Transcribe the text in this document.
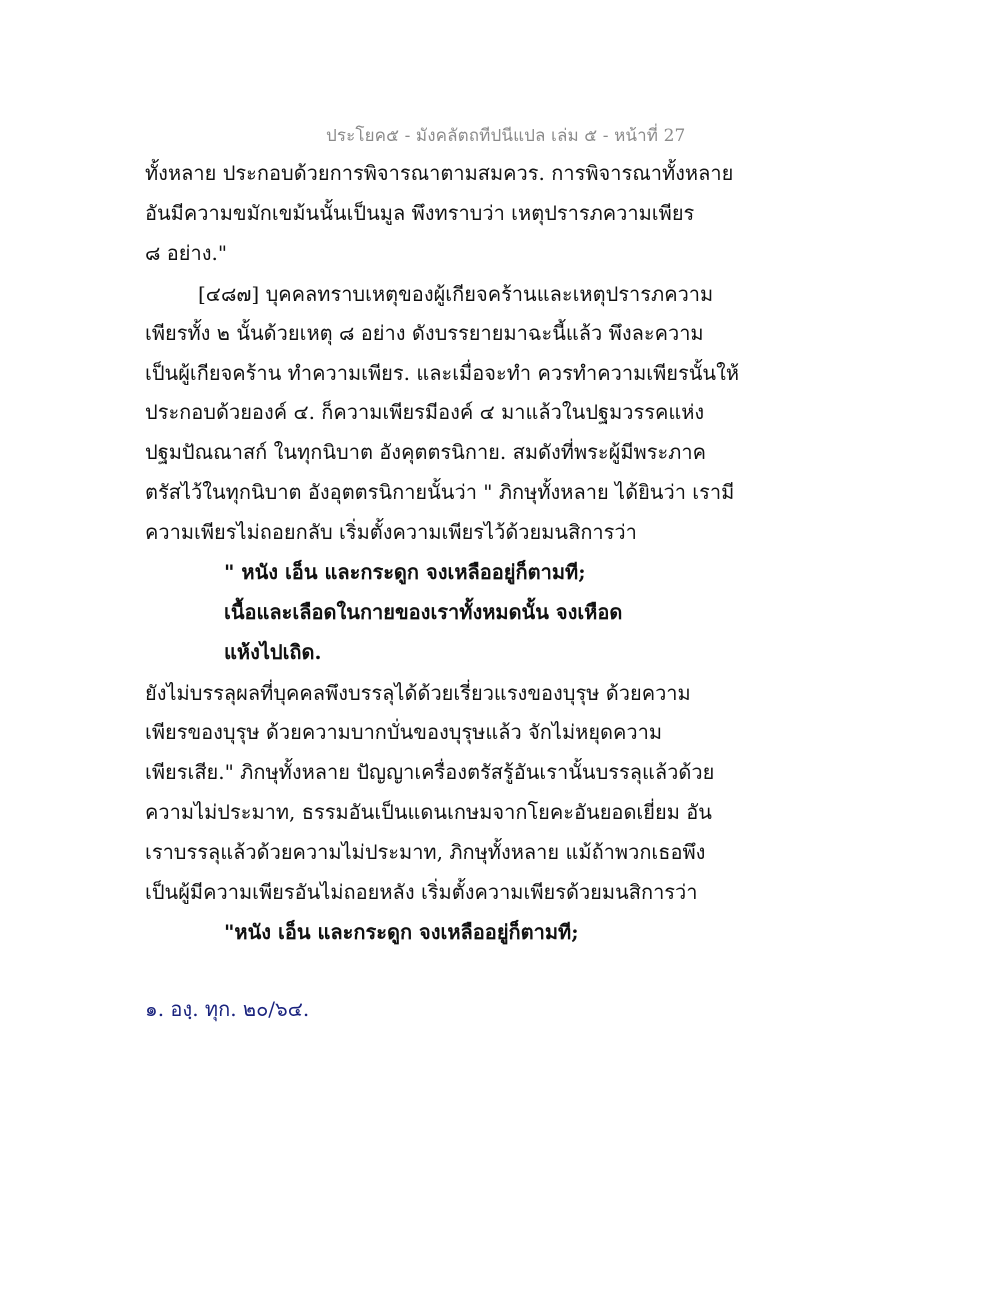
ประโยค๕ - มังคลัตถทีปนีแปล เล่ม ๕ - หน้าที่ 27
ทั้งหลาย ประกอบด้วยการพิจารณาตามสมควร. การพิจารณาทั้งหลาย
อันมีความขมักเขม้นนั้นเป็นมูล พึงทราบว่า เหตุปรารภความเพียร
๘ อย่าง."
[๔๘๗] บุคคลทราบเหตุของผู้เกียจคร้านและเหตุปรารภความ
เพียรทั้ง ๒ นั้นด้วยเหตุ ๘ อย่าง ดังบรรยายมาฉะนี้แล้ว พึงละความ
เป็นผู้เกียจคร้าน ทำความเพียร. และเมื่อจะทำ ควรทำความเพียรนั้นให้
ประกอบด้วยองค์ ๔. ก็ความเพียรมีองค์ ๔ มาแล้วในปฐมวรรคแห่ง
ปฐมปัณณาสก์ ในทุกนิบาต อังคุตตรนิกาย. สมดังที่พระผู้มีพระภาค
ตรัสไว้ในทุกนิบาต อังอุตตรนิกายนั้นว่า " ภิกษุทั้งหลาย ได้ยินว่า เรามี
ความเพียรไม่ถอยกลับ เริ่มตั้งความเพียรไว้ด้วยมนสิการว่า
" หนัง เอ็น และกระดูก จงเหลืออยู่ก็ตามที;
เนื้อและเลือดในกายของเราทั้งหมดนั้น จงเหือด
แห้งไปเถิด.
ยังไม่บรรลุผลที่บุคคลพึงบรรลุได้ด้วยเรี่ยวแรงของบุรุษ ด้วยความ
เพียรของบุรุษ ด้วยความบากบั่นของบุรุษแล้ว จักไม่หยุดความ
เพียรเสีย." ภิกษุทั้งหลาย ปัญญาเครื่องตรัสรู้อันเรานั้นบรรลุแล้วด้วย
ความไม่ประมาท, ธรรมอันเป็นแดนเกษมจากโยคะอันยอดเยี่ยม อัน
เราบรรลุแล้วด้วยความไม่ประมาท, ภิกษุทั้งหลาย แม้ถ้าพวกเธอพึง
เป็นผู้มีความเพียรอันไม่ถอยหลัง เริ่มตั้งความเพียรด้วยมนสิการว่า
"หนัง เอ็น และกระดูก จงเหลืออยู่ก็ตามที;
๑. องฺ. ทุก. ๒๐/๖๔.
